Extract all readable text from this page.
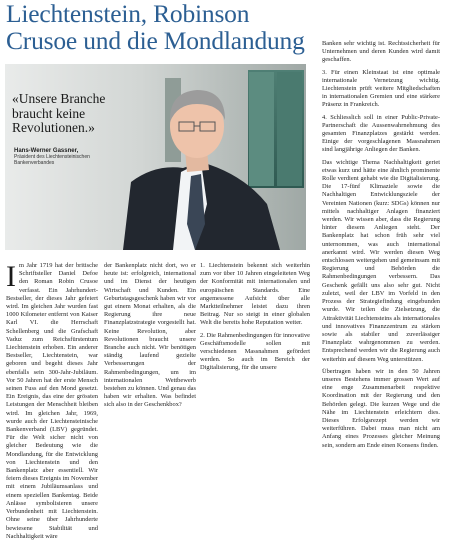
Liechtenstein, Robinson Crusoe und die Mondlandung
«Unsere Branche braucht keine Revolutionen.»
Hans-Werner Gassner,
Präsident des Liechtensteinischen Bankenverbandes
I m Jahr 1719 hat der britische Schriftsteller Daniel Defoe den Roman Robin Crusoe verfasst. Ein Jahrhundert-Bestseller, der dieses Jahr gefeiert wird. Im gleichen Jahr wurden fast 1000 Kilometer entfernt von Kaiser Karl VI. die Herrschaft Schellenberg und die Grafschaft Vaduz zum Reichsfürstentum Liechtenstein erhoben. Ein anderer Bestseller, Liechtenstein, war geboren und begeht dieses Jahr ebenfalls sein 300-Jahr-Jubiläum. Vor 50 Jahren hat der erste Mensch seinen Fuss auf den Mond gesetzt. Ein Ereignis, das eine der grössten Leistungen der Menschheit bleiben wird. Im gleichen Jahr, 1969, wurde auch der Liechtensteinische Bankenverband (LBV) gegründet. Für die Welt sicher nicht von gleicher Bedeutung wie die Mondlandung, für die Entwicklung von Liechtenstein und den Bankenplatz aber essentiell. Wir feiern dieses Ereignis im November mit einem Jubiläumsanlass und einem speziellen Bankentag. Beide Anlässe symbolisieren unsere Verbundenheit mit Liechtenstein. Ohne seine über Jahrhunderte bewiesene Stabilität und Nachhaltigkeit wäre

der Bankenplatz nicht dort, wo er heute ist: erfolgreich, international und im Dienst der heutigen Wirtschaft und Kunden. Ein Geburtstagsgeschenk haben wir vor gut einem Monat erhalten, als die Regierung ihre neue Finanzplatzstrategie vorgestellt hat. Keine Revolution, aber Revolutionen braucht unsere Branche auch nicht. Wir benötigen ständig laufend gezielte Verbesserungen der Rahmenbedingungen, um im internationalen Wettbewerb bestehen zu können. Und genau das haben wir erhalten. Was befindet sich also in der Geschenkbox?

1. Liechtenstein bekennt sich weiterhin zum vor über 10 Jahren eingeleiteten Weg der Konformität mit internationalen und europäischen Standards. Eine angemessene Aufsicht über alle Marktteilnehmer leistet dazu ihren Beitrag. Nur so steigt in einer globalen Welt die bereits hohe Reputation weiter.

2. Die Rahmenbedingungen für innovative Geschäftsmodelle sollen mit verschiedenen Massnahmen gefördert werden. So auch im Bereich der Digitalisierung, für die unsere

Banken sehr wichtig ist. Rechtssicherheit für Unternehmen und deren Kunden wird damit geschaffen.

3. Für einen Kleinstaat ist eine optimale internationale Vernetzung wichtig. Liechtenstein prüft weitere Mitgliedschaften in internationalen Gremien und eine stärkere Präsenz in Frankreich.

4. Schliesslich soll in einer Public-Private-Partnerschaft die Aussenwahrnehmung des gesamten Finanzplatzes gestärkt werden. Einige der vorgeschlagenen Massnahmen sind langjährige Anliegen der Banken.

Das wichtige Thema Nachhaltigkeit geriet etwas kurz und hätte eine ähnlich prominente Rolle verdient gehabt wie die Digitalisierung. Die 17-fünf Klimaziele sowie die Nachhaltigen Entwicklungsziele der Vereinten Nationen (kurz: SDGs) können nur mittels nachhaltiger Anlagen finanziert werden. Wir wissen aber, dass die Regierung hinter diesem Anliegen steht. Der Bankenplatz hat schon früh sehr viel unternommen, was auch international anerkannt wird. Wir werden diesen Weg entschlossen weitergehen und gemeinsam mit Regierung und Behörden die Rahmenbedingungen verbessern. Das Geschenk gefällt uns also sehr gut. Nicht zuletzt, weil der LBV im Vorfeld in den Prozess der Strategiefindung eingebunden wurde. Wir teilen die Zielsetzung, die Attraktivität Liechtensteins als internationales und innovatives Finanzzentrum zu stärken sowie als stabiler und zuverlässiger Finanzplatz wahrgenommen zu werden. Entsprechend werden wir die Regierung auch weiterhin auf diesem Weg unterstützen.

Übertragen haben wir in den 50 Jahren unseres Bestehens immer grossen Wert auf eine enge Zusammenarbeit respektive Koordination mit der Regierung und den Behörden gelegt. Die kurzen Wege und die Nähe im Liechtenstein erleichtern dies. Dieses Erfolgsrezept werden wir weiterführen. Dabei muss man nicht am Anfang eines Prozesses gleicher Meinung sein, sondern am Ende einen Konsens finden.
